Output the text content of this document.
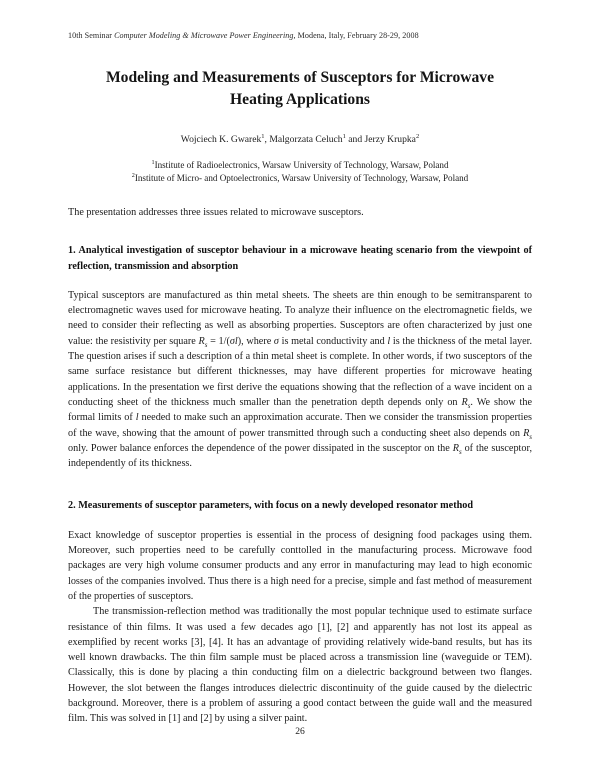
10th Seminar Computer Modeling & Microwave Power Engineering, Modena, Italy, February 28-29, 2008
Modeling and Measurements of Susceptors for Microwave
Heating Applications
Wojciech K. Gwarek$^1$, Malgorzata Celuch$^1$ and Jerzy Krupka$^2$
$^1$Institute of Radioelectronics, Warsaw University of Technology, Warsaw, Poland
$^2$Institute of Micro- and Optoelectronics, Warsaw University of Technology, Warsaw, Poland

The presentation addresses three issues related to microwave susceptors.

1. Analytical investigation of susceptor behaviour in a microwave heating scenario from the viewpoint of reflection, transmission and absorption

Typical susceptors are manufactured as thin metal sheets. The sheets are thin enough to be semitransparent to electromagnetic waves used for microwave heating. To analyze their influence on the electromagnetic fields, we need to consider their reflecting as well as absorbing properties. Susceptors are often characterized by just one value: the resistivity per square $R_s = 1/(\sigma l)$, where σ is metal conductivity and l is the thickness of the metal layer. The question arises if such a description of a thin metal sheet is complete. In other words, if two susceptors of the same surface resistance but different thicknesses, may have different properties for microwave heating applications. In the presentation we first derive the equations showing that the reflection of a wave incident on a conducting sheet of the thickness much smaller than the penetration depth depends only on $R_s$. We show the formal limits of l needed to make such an approximation accurate. Then we consider the transmission properties of the wave, showing that the amount of power transmitted through such a conducting sheet also depends on $R_s$ only. Power balance enforces the dependence of the power dissipated in the susceptor on the $R_s$ of the susceptor, independently of its thickness.

2. Measurements of susceptor parameters, with focus on a newly developed resonator method

Exact knowledge of susceptor properties is essential in the process of designing food packages using them. Moreover, such properties need to be carefully conttolled in the manufacturing process. Microwave food packages are very high volume consumer products and any error in manufacturing may lead to high economic losses of the companies involved. Thus there is a high need for a precise, simple and fast method of measurement of the properties of susceptors.

The transmission-reflection method was traditionally the most popular technique used to estimate surface resistance of thin films. It was used a few decades ago [1], [2] and apparently has not lost its appeal as exemplified by recent works [3], [4]. It has an advantage of providing relatively wide-band results, but has its well known drawbacks. The thin film sample must be placed across a transmission line (waveguide or TEM). Classically, this is done by placing a thin conducting film on a dielectric background between two flanges. However, the slot between the flanges introduces dielectric discontinuity of the guide caused by the dielectric background. Moreover, there is a problem of assuring a good contact between the guide wall and the measured film. This was solved in [1] and [2] by using a silver paint.

26
